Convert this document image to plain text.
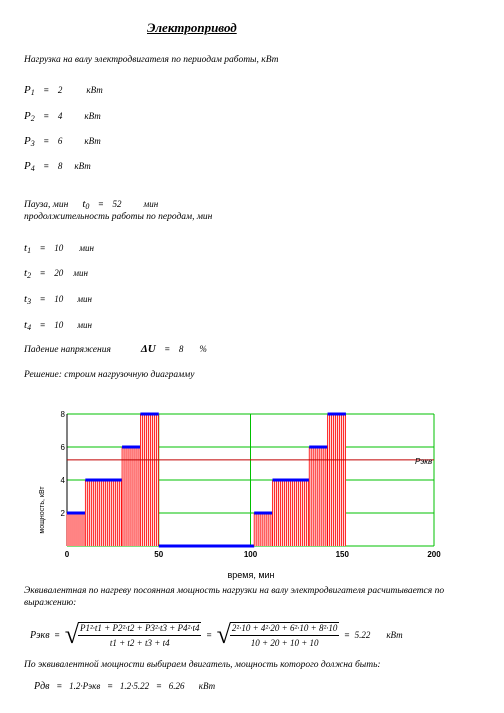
Электропривод
Нагрузка на валу электродвигателя по периодам работы, кВт
$P_1 = 2$	кВт
$P_2 = 4$ кВт
$P_3 = 6$ кВт
$P_4 = 8$ кВт
Пауза, мин $t_0 = 52$ мин
продолжительность работы по перодам, мин
$t_1 = 10$ мин
$t_2 = 20$ мин
$t_3 = 10$ мин
$t_4 = 10$ мин
Падение напряжения	ΔU = 8 %
Решение: строим нагрузочную диаграмму
Pэкв
0	50	100	150	200
2
4
6
8
мощность, кВт
время, мин
Эквивалентная по нагреву посоянная мощность нагрузки на валу электродвигателя расчитывается по выражению:
Pэкв = √ $\frac{\text{P1²·t1 + P2²·t2 + P3²·t3 + P4²·t4}}{t1 + t2 + t3 + t4}$ = √ $\frac{\text{2²·10 + 4²·20 + 6²·10 + 8²·10}}{10 + 20 + 10 + 10} = 5.22$ кВт
По эквивалентной мощности выбираем двигатель, мощность которого должна быть:
Pдв = 1.2·Pэкв = 1.2·5.22 = 6.26 кВт
